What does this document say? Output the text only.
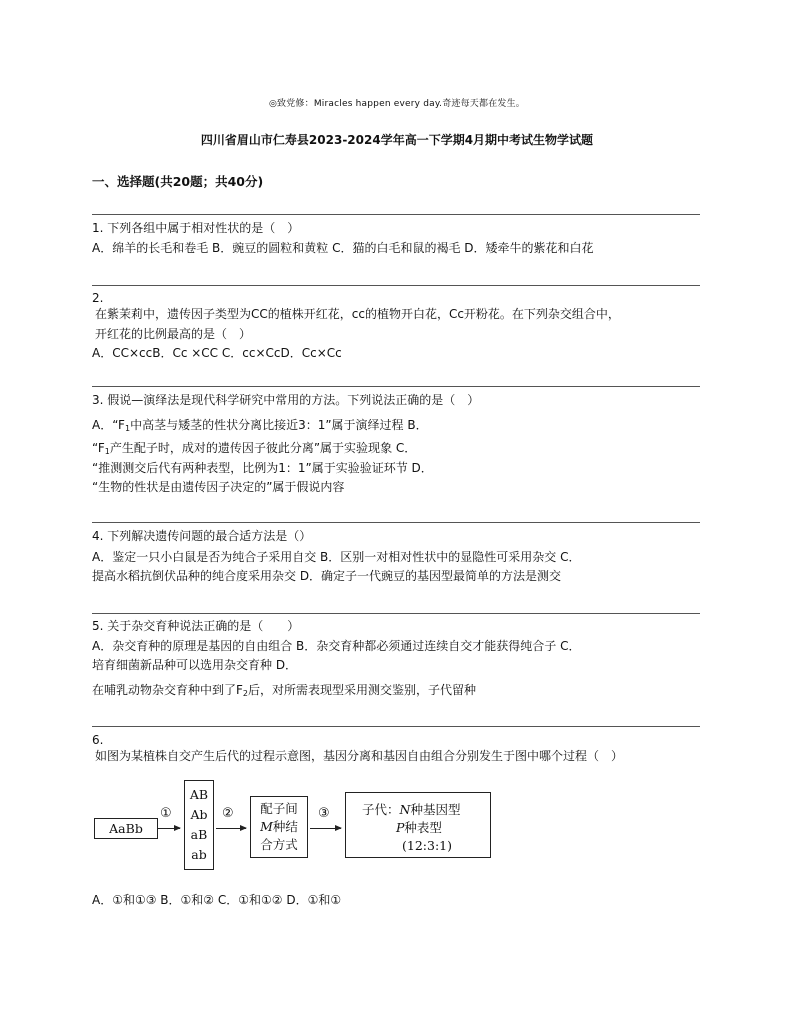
◎致党修：Miracles happen every day.奇迹每天都在发生。
四川省眉山市仁寿县2023-2024学年高一下学期4月期中考试生物学试题
一、选择题(共20题；共40分)
1. 下列各组中属于相对性状的是（　）
A．绵羊的长毛和卷毛 B．豌豆的圆粒和黄粒 C．猫的白毛和鼠的褐毛 D．矮牵牛的紫花和白花
2.
在紫茉莉中，遗传因子类型为CC的植株开红花，cc的植物开白花，Cc开粉花。在下列杂交组合中，
开红花的比例最高的是（　）
A．CC×ccB．Cc ×CC C．cc×CcD．Cc×Cc
3. 假说—演绎法是现代科学研究中常用的方法。下列说法正确的是（　）
A．“$F_1$中高茎与矮茎的性状分离比接近3：1”属于演绎过程 B．
“$F_1$产生配子时，成对的遗传因子彼此分离”属于实验现象 C．
“推测测交后代有两种表型，比例为1：1”属于实验验证环节 D．
“生物的性状是由遗传因子决定的”属于假说内容
4. 下列解决遗传问题的最合适方法是（）
A．鉴定一只小白鼠是否为纯合子采用自交 B．区别一对相对性状中的显隐性可采用杂交 C．
提高水稻抗倒伏品种的纯合度采用杂交 D．确定子一代豌豆的基因型最简单的方法是测交
5. 关于杂交育种说法正确的是（　　）
A．杂交育种的原理是基因的自由组合 B．杂交育种都必须通过连续自交才能获得纯合子 C．
培育细菌新品种可以选用杂交育种 D．
在哺乳动物杂交育种中到了$F_2$后，对所需表现型采用测交鉴别，子代留种
6.
如图为某植株自交产生后代的过程示意图，基因分离和基因自由组合分别发生于图中哪个过程（　）
AaBb
①
AB
Ab
aB
ab
②	配子间
M种结
合方式
③	子代：N种基因型
P种表型
(12:3:1)
A．①和①③ B．①和② C．①和①② D．①和①
